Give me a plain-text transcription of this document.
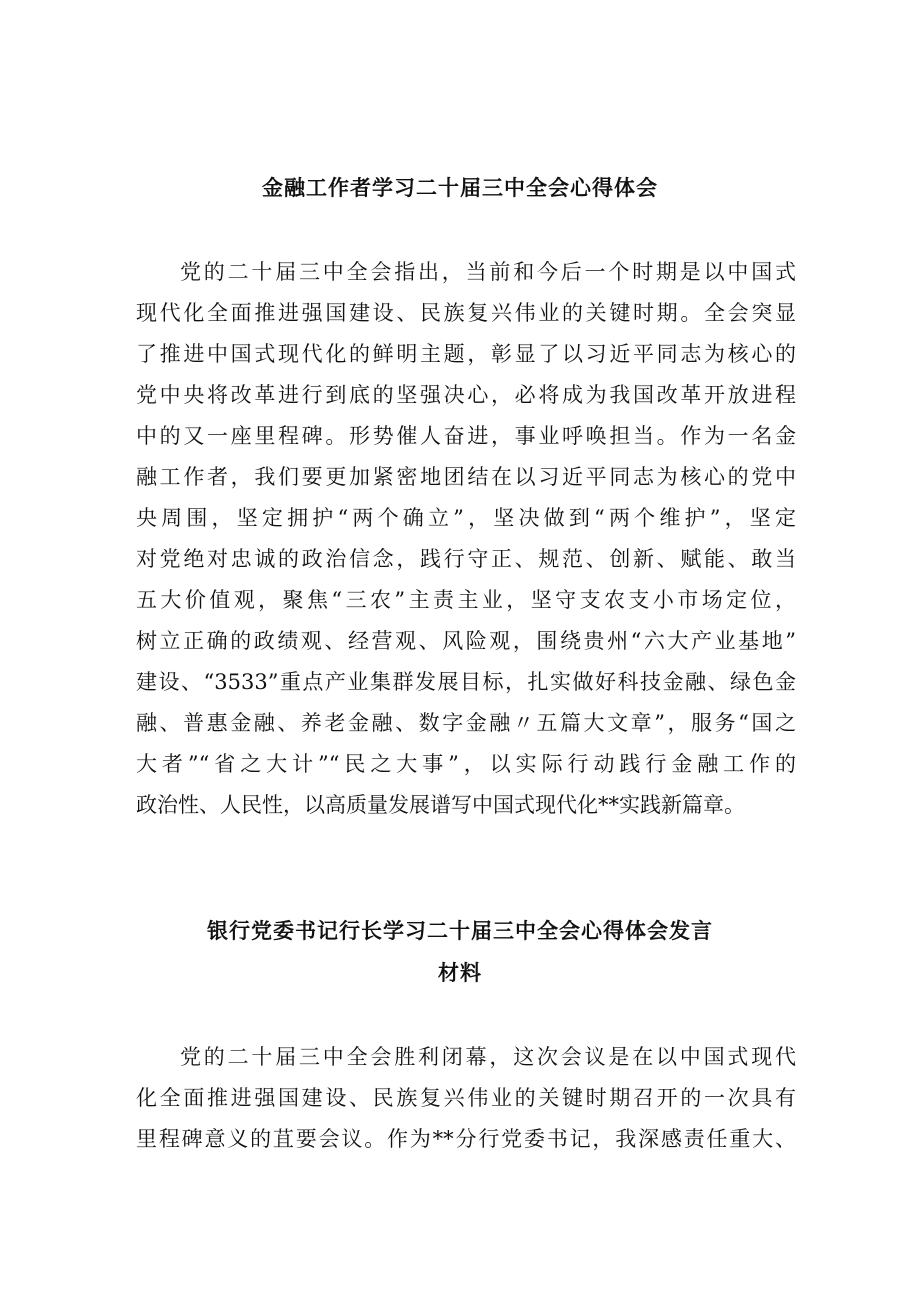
金融工作者学习二十届三中全会心得体会

党的二十届三中全会指出，当前和今后一个时期是以中国式
现代化全面推进强国建设、民族复兴伟业的关键时期。全会突显
了推进中国式现代化的鲜明主题，彰显了以习近平同志为核心的
党中央将改革进行到底的坚强决心，必将成为我国改革开放进程
中的又一座里程碑。形势催人奋进，事业呼唤担当。作为一名金
融工作者，我们要更加紧密地团结在以习近平同志为核心的党中
央周围，坚定拥护“两个确立”，坚决做到“两个维护”，坚定
对党绝对忠诚的政治信念，践行守正、规范、创新、赋能、敢当
五大价值观，聚焦“三农”主责主业，坚守支农支小市场定位，
树立正确的政绩观、经营观、风险观，围绕贵州“六大产业基地”
建设、“3533”重点产业集群发展目标，扎实做好科技金融、绿色金
融、普惠金融、养老金融、数字金融〃五篇大文章”，服务“国之
大者”“省之大计”“民之大事”，以实际行动践行金融工作的
政治性、人民性，以高质量发展谱写中国式现代化**实践新篇章。

银行党委书记行长学习二十届三中全会心得体会发言
材料

党的二十届三中全会胜利闭幕，这次会议是在以中国式现代
化全面推进强国建设、民族复兴伟业的关键时期召开的一次具有
里程碑意义的苴要会议。作为**分行党委书记，我深感责任重大、
